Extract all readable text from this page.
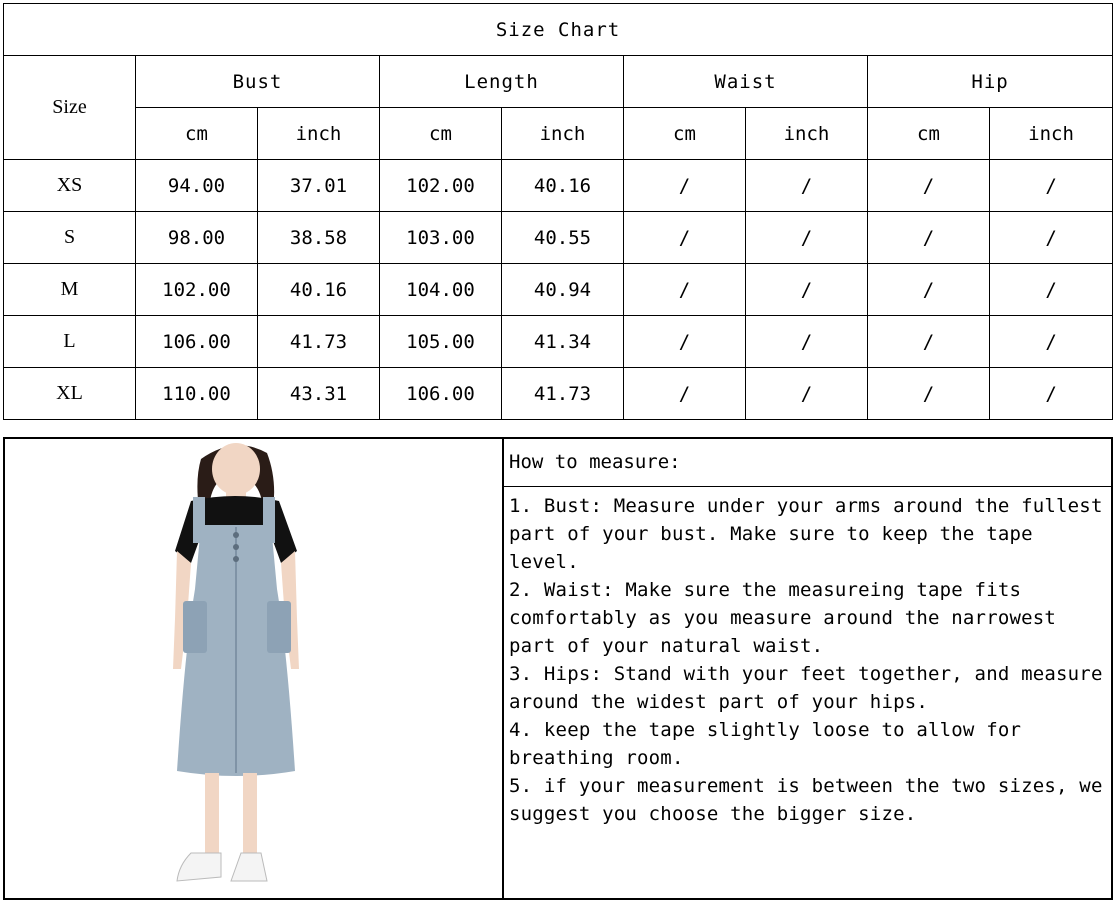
Size Chart								
Size	Bust		Length		Waist		Hip	
	cm	inch	cm	inch	cm	inch	cm	inch
XS	94.00	37.01	102.00	40.16	/	/	/	/
S	98.00	38.58	103.00	40.55	/	/	/	/
M	102.00	40.16	104.00	40.94	/	/	/	/
L	106.00	41.73	105.00	41.34	/	/	/	/
XL	110.00	43.31	106.00	41.73	/	/	/	/
How to measure:
1. Bust: Measure under your arms around the fullest part of your bust. Make sure to keep the tape level.
2. Waist: Make sure the measureing tape fits comfortably as you measure around the narrowest part of your natural waist.
3. Hips: Stand with your feet together, and measure around the widest part of your hips.
4. keep the tape slightly loose to allow for breathing room.
5. if your measurement is between the two sizes, we suggest you choose the bigger size.
